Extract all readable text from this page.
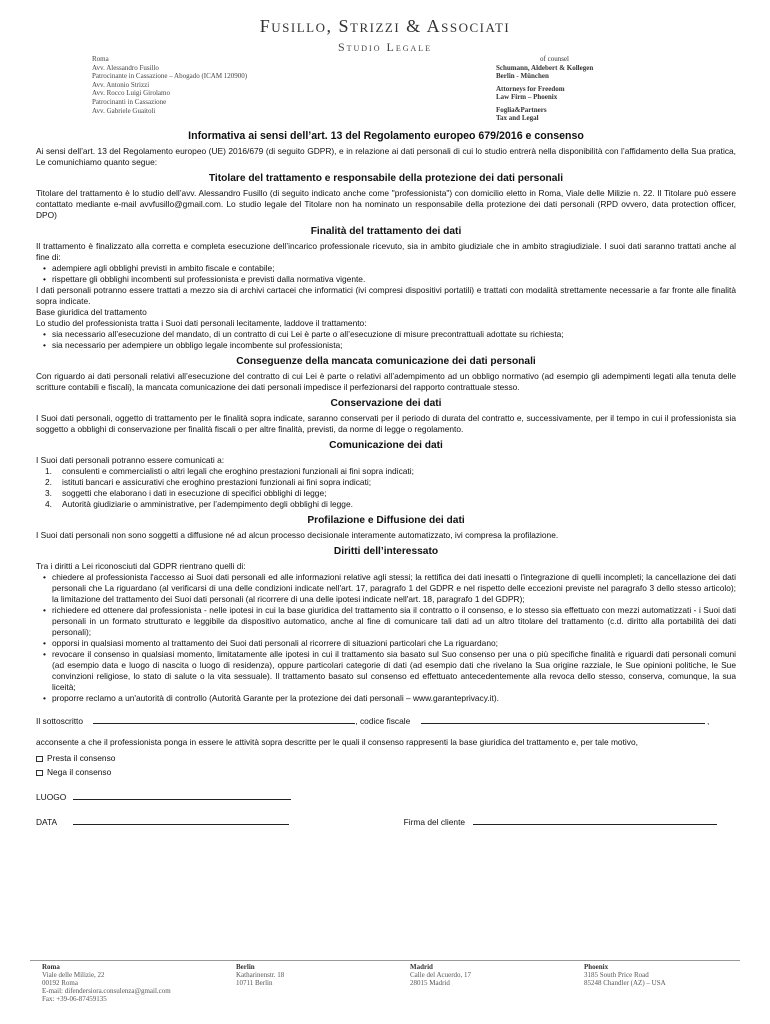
Fusillo, Strizzi & Associati
Studio Legale
Roma
Avv. Alessandro Fusillo
Patrocinante in Cassazione – Abogado (ICAM 120900)
Avv. Antonio Strizzi
Avv. Rocco Luigi Girolamo
Patrocinanti in Cassazione
Avv. Gabriele Guaitoli
of counsel
Schumann, Aldebert & Kollegen
Berlin - München
Attorneys for Freedom
Law Firm – Phoenix
Foglia&Partners
Tax and Legal
Informativa ai sensi dell’art. 13 del Regolamento europeo 679/2016 e consenso

Ai sensi dell’art. 13 del Regolamento europeo (UE) 2016/679 (di seguito GDPR), e in relazione ai dati personali di cui lo studio entrerà nella disponibilità con l’affidamento della Sua pratica, Le comunichiamo quanto segue:

Titolare del trattamento e responsabile della protezione dei dati personali

Titolare del trattamento è lo studio dell’avv. Alessandro Fusillo (di seguito indicato anche come "professionista") con domicilio eletto in Roma, Viale delle Milizie n. 22. Il Titolare può essere contattato mediante e-mail avvfusillo@gmail.com. Lo studio legale del Titolare non ha nominato un responsabile della protezione dei dati personali (RPD ovvero, data protection officer, DPO)

Finalità del trattamento dei dati

Il trattamento è finalizzato alla corretta e completa esecuzione dell’incarico professionale ricevuto, sia in ambito giudiziale che in ambito stragiudiziale. I suoi dati saranno trattati anche al fine di:

• adempiere agli obblighi previsti in ambito fiscale e contabile;
• rispettare gli obblighi incombenti sul professionista e previsti dalla normativa vigente.

I dati personali potranno essere trattati a mezzo sia di archivi cartacei che informatici (ivi compresi dispositivi portatili) e trattati con modalità strettamente necessarie a far fronte alle finalità sopra indicate.

Base giuridica del trattamento

Lo studio del professionista tratta i Suoi dati personali lecitamente, laddove il trattamento:

• sia necessario all’esecuzione del mandato, di un contratto di cui Lei è parte o all’esecuzione di misure precontrattuali adottate su richiesta;
• sia necessario per adempiere un obbligo legale incombente sul professionista;
Conseguenze della mancata comunicazione dei dati personali

Con riguardo ai dati personali relativi all’esecuzione del contratto di cui Lei è parte o relativi all’adempimento ad un obbligo normativo (ad esempio gli adempimenti legati alla tenuta delle scritture contabili e fiscali), la mancata comunicazione dei dati personali impedisce il perfezionarsi del rapporto contrattuale stesso.

Conservazione dei dati

I Suoi dati personali, oggetto di trattamento per le finalità sopra indicate, saranno conservati per il periodo di durata del contratto e, successivamente, per il tempo in cui il professionista sia soggetto a obblighi di conservazione per finalità fiscali o per altre finalità, previsti, da norme di legge o regolamento.

Comunicazione dei dati

I Suoi dati personali potranno essere comunicati a:

1. consulenti e commercialisti o altri legali che eroghino prestazioni funzionali ai fini sopra indicati;
2. istituti bancari e assicurativi che eroghino prestazioni funzionali ai fini sopra indicati;
3. soggetti che elaborano i dati in esecuzione di specifici obblighi di legge;
4. Autorità giudiziarie o amministrative, per l’adempimento degli obblighi di legge.
Profilazione e Diffusione dei dati

I Suoi dati personali non sono soggetti a diffusione né ad alcun processo decisionale interamente automatizzato, ivi compresa la profilazione.

Diritti dell’interessato

Tra i diritti a Lei riconosciuti dal GDPR rientrano quelli di:

• chiedere al professionista l'accesso ai Suoi dati personali ed alle informazioni relative agli stessi; la rettifica dei dati inesatti o l'integrazione di quelli incompleti; la cancellazione dei dati personali che La riguardano (al verificarsi di una delle condizioni indicate nell'art. 17, paragrafo 1 del GDPR e nel rispetto delle eccezioni previste nel paragrafo 3 dello stesso articolo); la limitazione del trattamento dei Suoi dati personali (al ricorrere di una delle ipotesi indicate nell'art. 18, paragrafo 1 del GDPR);
• richiedere ed ottenere dal professionista - nelle ipotesi in cui la base giuridica del trattamento sia il contratto o il consenso, e lo stesso sia effettuato con mezzi automatizzati - i Suoi dati personali in un formato strutturato e leggibile da dispositivo automatico, anche al fine di comunicare tali dati ad un altro titolare del trattamento (c.d. diritto alla portabilità dei dati personali);
• opporsi in qualsiasi momento al trattamento dei Suoi dati personali al ricorrere di situazioni particolari che La riguardano;
• revocare il consenso in qualsiasi momento, limitatamente alle ipotesi in cui il trattamento sia basato sul Suo consenso per una o più specifiche finalità e riguardi dati personali comuni (ad esempio data e luogo di nascita o luogo di residenza), oppure particolari categorie di dati (ad esempio dati che rivelano la Sua origine razziale, le Sue opinioni politiche, le Sue convinzioni religiose, lo stato di salute o la vita sessuale). Il trattamento basato sul consenso ed effettuato antecedentemente alla revoca dello stesso, conserva, comunque, la sua liceità;
• proporre reclamo a un'autorità di controllo (Autorità Garante per la protezione dei dati personali – www.garanteprivacy.it).
Il sottoscritto	, codice fiscale	,

acconsente a che il professionista ponga in essere le attività sopra descritte per le quali il consenso rappresenti la base giuridica del trattamento e, per tale motivo,

Presta il consenso
Nega il consenso
LUOGO
DATA	Firma del cliente
Roma
Viale delle Milizie, 22
00192 Roma
E-mail: difendersiora.consulenza@gmail.com
Fax: +39-06-87459135
Berlin
Katharinenstr. 18
10711 Berlin
Madrid
Calle del Acuerdo, 17
28015 Madrid
Phoenix
3185 South Price Road
85248 Chandler (AZ) – USA
